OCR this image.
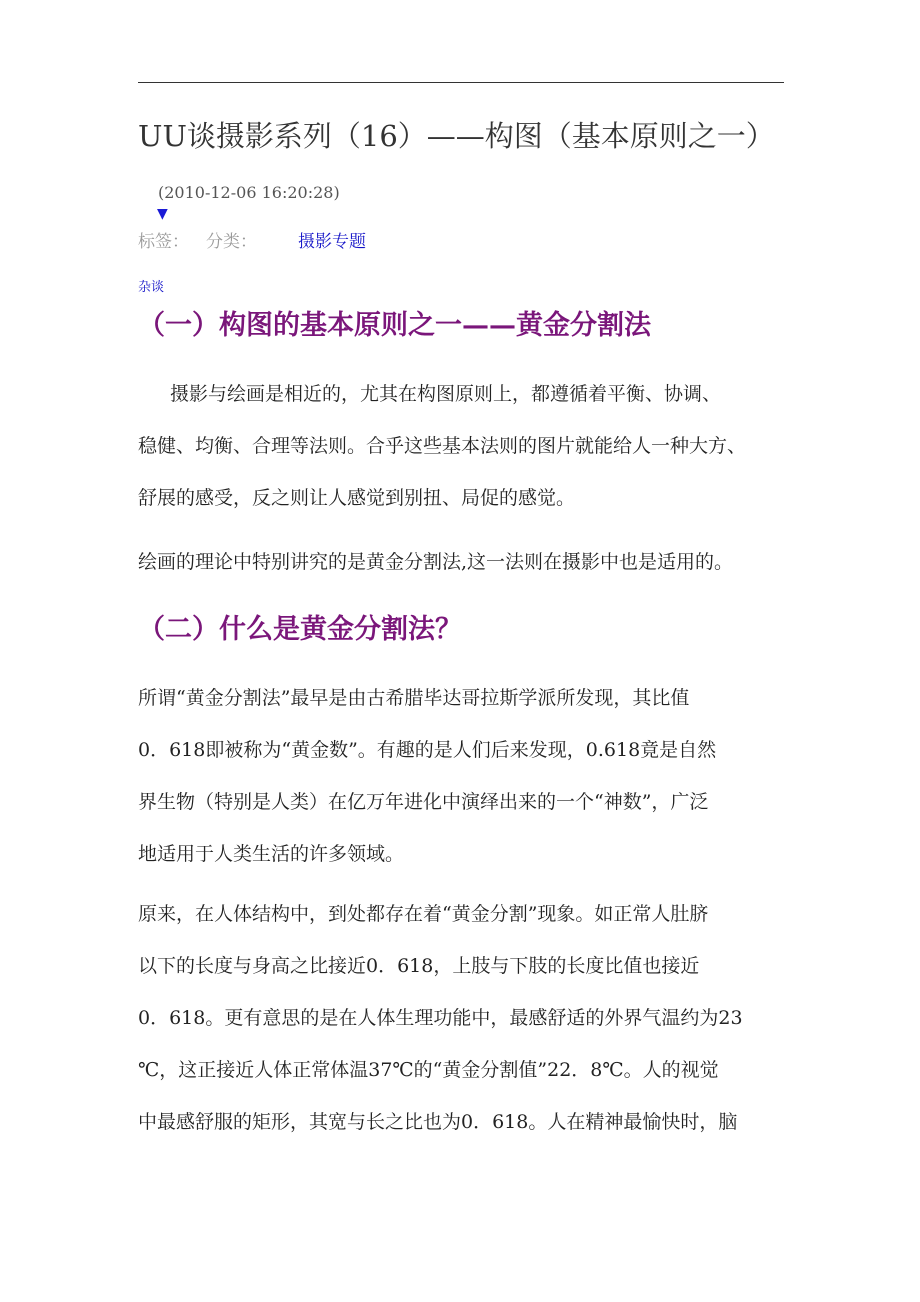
UU谈摄影系列（16）——构图（基本原则之一）
(2010-12-06 16:20:28)
▼
标签： 分类： 摄影专题
杂谈
（一）构图的基本原则之一——黄金分割法
摄影与绘画是相近的，尤其在构图原则上，都遵循着平衡、协调、
稳健、均衡、合理等法则。合乎这些基本法则的图片就能给人一种大方、
舒展的感受，反之则让人感觉到别扭、局促的感觉。
绘画的理论中特别讲究的是黄金分割法,这一法则在摄影中也是适用的。
（二）什么是黄金分割法？
所谓“黄金分割法”最早是由古希腊毕达哥拉斯学派所发现，其比值
0．618即被称为“黄金数”。有趣的是人们后来发现，0.618竟是自然
界生物（特别是人类）在亿万年进化中演绎出来的一个“神数”，广泛
地适用于人类生活的许多领域。
原来，在人体结构中，到处都存在着“黄金分割”现象。如正常人肚脐
以下的长度与身高之比接近0．618，上肢与下肢的长度比值也接近
0．618。更有意思的是在人体生理功能中，最感舒适的外界气温约为23
℃，这正接近人体正常体温37℃的“黄金分割值”22．8℃。人的视觉
中最感舒服的矩形，其宽与长之比也为0．618。人在精神最愉快时，脑
